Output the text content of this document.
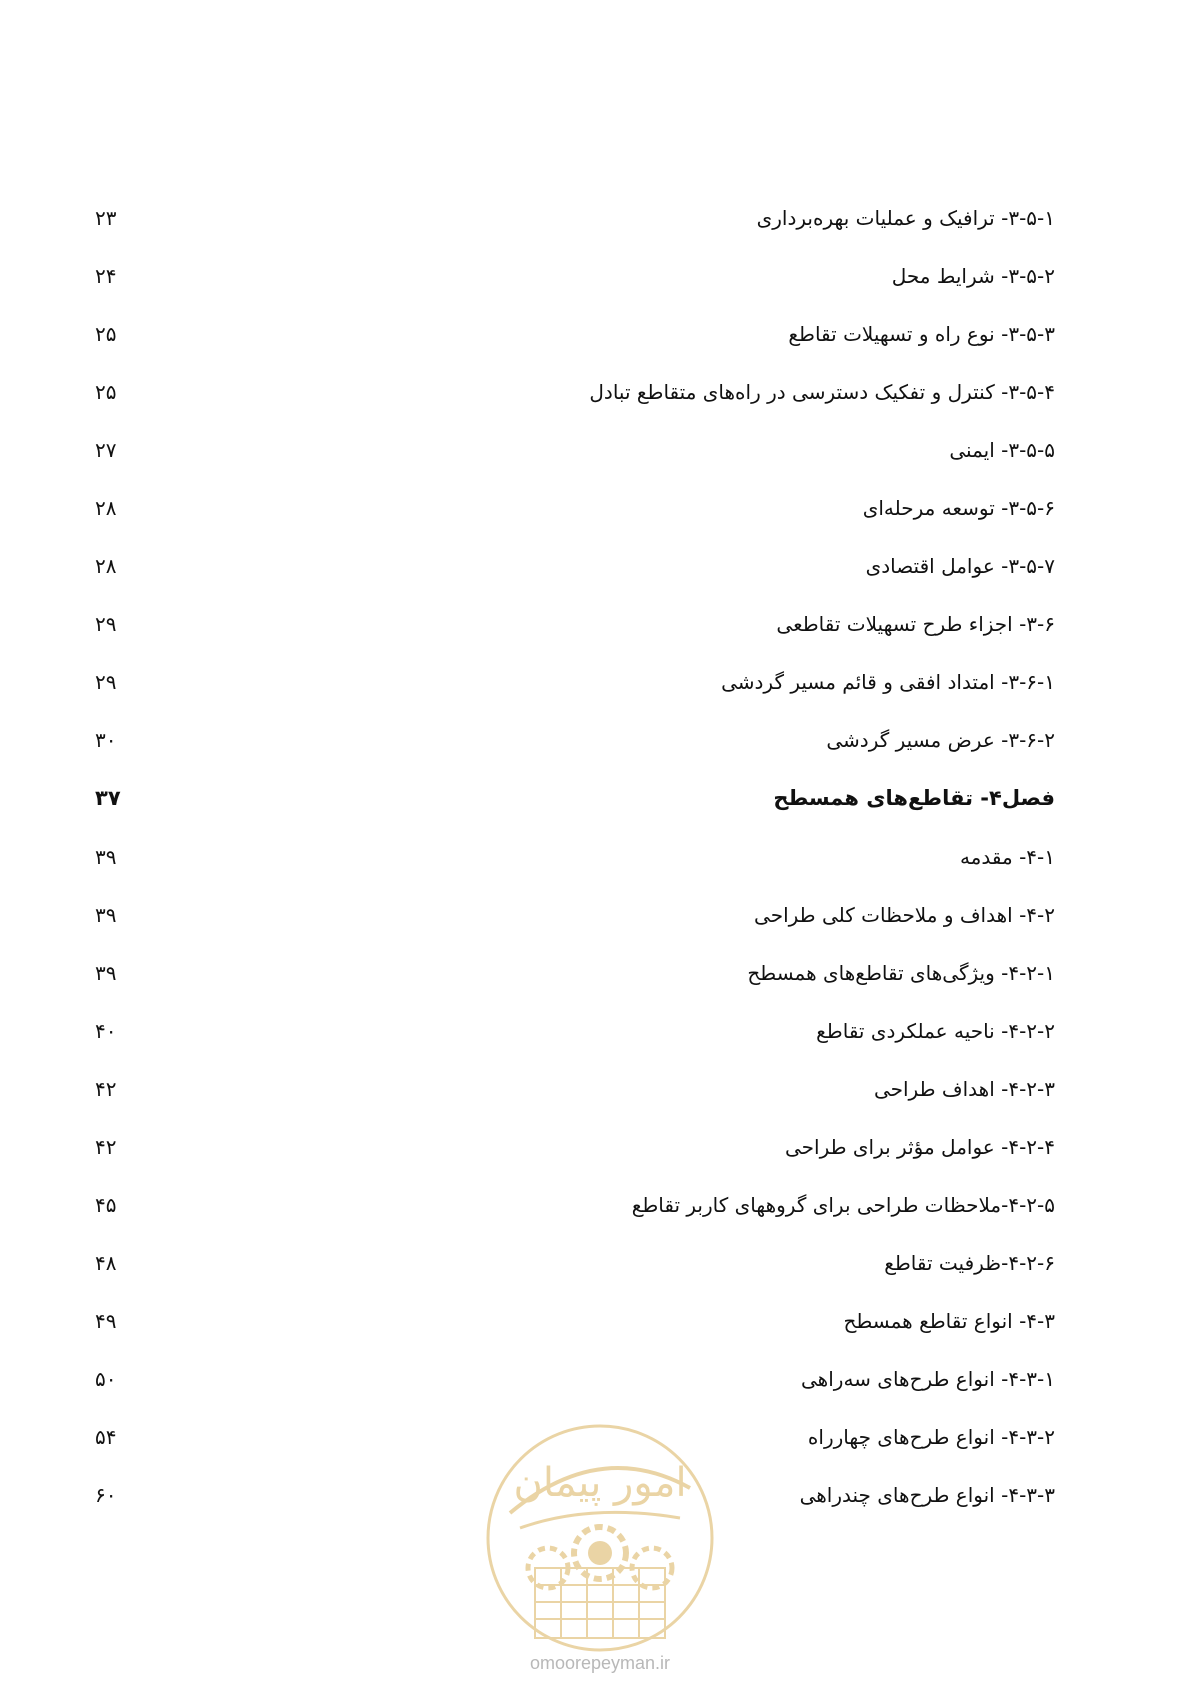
۳-۵-۱- ترافیک و عملیات بهره‌برداری
۲۳
۳-۵-۲- شرایط محل
۲۴
۳-۵-۳- نوع راه و تسهیلات تقاطع
۲۵
۳-۵-۴- کنترل و تفکیک دسترسی در راه‌های متقاطع تبادل
۲۵
۳-۵-۵- ایمنی
۲۷
۳-۵-۶- توسعه مرحله‌ای
۲۸
۳-۵-۷- عوامل اقتصادی
۲۸
۳-۶- اجزاء طرح تسهیلات تقاطعی
۲۹
۳-۶-۱- امتداد افقی و قائم مسیر گردشی
۲۹
۳-۶-۲- عرض مسیر گردشی
۳۰
فصل۴- تقاطع‌های همسطح
۳۷
۴-۱- مقدمه
۳۹
۴-۲- اهداف و ملاحظات کلی طراحی
۳۹
۴-۲-۱- ویژگی‌های تقاطع‌های همسطح
۳۹
۴-۲-۲- ناحیه عملکردی تقاطع
۴۰
۴-۲-۳- اهداف طراحی
۴۲
۴-۲-۴- عوامل مؤثر برای طراحی
۴۲
۴-۲-۵-ملاحظات طراحی برای گروههای کاربر تقاطع
۴۵
۴-۲-۶-ظرفیت تقاطع
۴۸
۴-۳- انواع تقاطع همسطح
۴۹
۴-۳-۱- انواع طرح‌های سه‌راهی
۵۰
۴-۳-۲- انواع طرح‌های چهارراه
۵۴
۴-۳-۳- انواع طرح‌های چندراهی
۶۰	امور پیمان
omoorepeyman.ir
